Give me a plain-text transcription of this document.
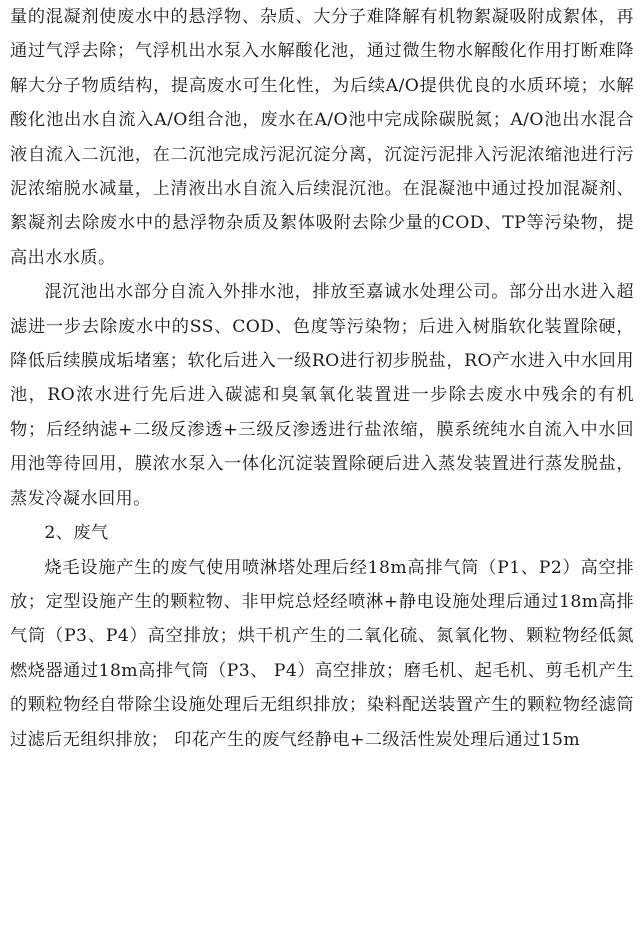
量的混凝剂使废水中的悬浮物、杂质、大分子难降解有机物絮凝吸附成絮体，再通过气浮去除；气浮机出水泵入水解酸化池，通过微生物水解酸化作用打断难降解大分子物质结构，提高废水可生化性，为后续A/O提供优良的水质环境；水解酸化池出水自流入A/O组合池，废水在A/O池中完成除碳脱氮；A/O池出水混合液自流入二沉池，在二沉池完成污泥沉淀分离，沉淀污泥排入污泥浓缩池进行污泥浓缩脱水减量，上清液出水自流入后续混沉池。在混凝池中通过投加混凝剂、絮凝剂去除废水中的悬浮物杂质及絮体吸附去除少量的COD、TP等污染物，提高出水水质。

混沉池出水部分自流入外排水池，排放至嘉诚水处理公司。部分出水进入超滤进一步去除废水中的SS、COD、色度等污染物；后进入树脂软化装置除硬，降低后续膜成垢堵塞；软化后进入一级RO进行初步脱盐，RO产水进入中水回用池，RO浓水进行先后进入碳滤和臭氧氧化装置进一步除去废水中残余的有机物；后经纳滤+二级反渗透+三级反渗透进行盐浓缩，膜系统纯水自流入中水回用池等待回用，膜浓水泵入一体化沉淀装置除硬后进入蒸发装置进行蒸发脱盐，蒸发冷凝水回用。

2、废气

烧毛设施产生的废气使用喷淋塔处理后经18m高排气筒（P1、P2）高空排放；定型设施产生的颗粒物、非甲烷总烃经喷淋+静电设施处理后通过18m高排气筒（P3、P4）高空排放；烘干机产生的二氧化硫、氮氧化物、颗粒物经低氮燃烧器通过18m高排气筒（P3、 P4）高空排放；磨毛机、起毛机、剪毛机产生的颗粒物经自带除尘设施处理后无组织排放；染料配送装置产生的颗粒物经滤筒过滤后无组织排放； 印花产生的废气经静电+二级活性炭处理后通过15m
